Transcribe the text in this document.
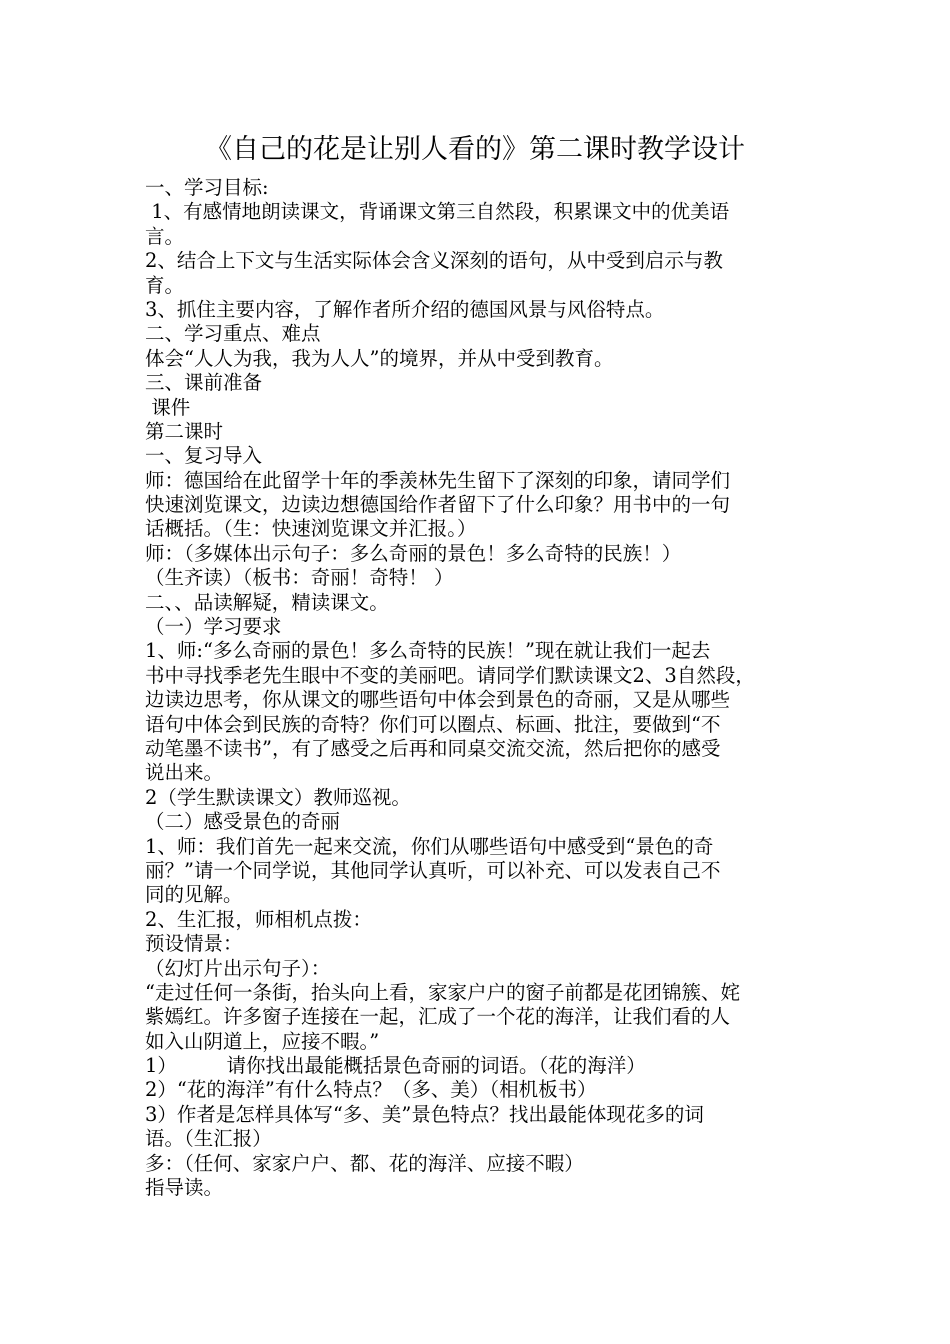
《自己的花是让别人看的》第二课时教学设计
一、学习目标:
1、有感情地朗读课文，背诵课文第三自然段，积累课文中的优美语
言。
2、结合上下文与生活实际体会含义深刻的语句，从中受到启示与教
育。
3、抓住主要内容，了解作者所介绍的德国风景与风俗特点。
二、学习重点、难点
体会“人人为我，我为人人”的境界，并从中受到教育。
三、课前准备
课件
第二课时
一、复习导入
师：德国给在此留学十年的季羡林先生留下了深刻的印象，请同学们
快速浏览课文，边读边想德国给作者留下了什么印象？用书中的一句
话概括。（生：快速浏览课文并汇报。）
师：（多媒体出示句子：多么奇丽的景色！多么奇特的民族！）
（生齐读）（板书：奇丽！奇特！ ）
二、、品读解疑，精读课文。
（一）学习要求
1、师:“多么奇丽的景色！多么奇特的民族！”现在就让我们一起去
书中寻找季老先生眼中不变的美丽吧。请同学们默读课文2、3自然段，
边读边思考，你从课文的哪些语句中体会到景色的奇丽，又是从哪些
语句中体会到民族的奇特？你们可以圈点、标画、批注，要做到“不
动笔墨不读书”，有了感受之后再和同桌交流交流，然后把你的感受
说出来。
2（学生默读课文）教师巡视。
（二）感受景色的奇丽
1、师：我们首先一起来交流，你们从哪些语句中感受到“景色的奇
丽？”请一个同学说，其他同学认真听，可以补充、可以发表自己不
同的见解。
2、生汇报，师相机点拨：
预设情景：
（幻灯片出示句子）：
“走过任何一条街，抬头向上看，家家户户的窗子前都是花团锦簇、姹
紫嫣红。许多窗子连接在一起，汇成了一个花的海洋，让我们看的人
如入山阴道上，应接不暇。”
1）        请你找出最能概括景色奇丽的词语。（花的海洋）
2）“花的海洋”有什么特点？（多、美）（相机板书）
3）作者是怎样具体写“多、美”景色特点？找出最能体现花多的词
语。（生汇报）
多：（任何、家家户户、都、花的海洋、应接不暇）
指导读。
